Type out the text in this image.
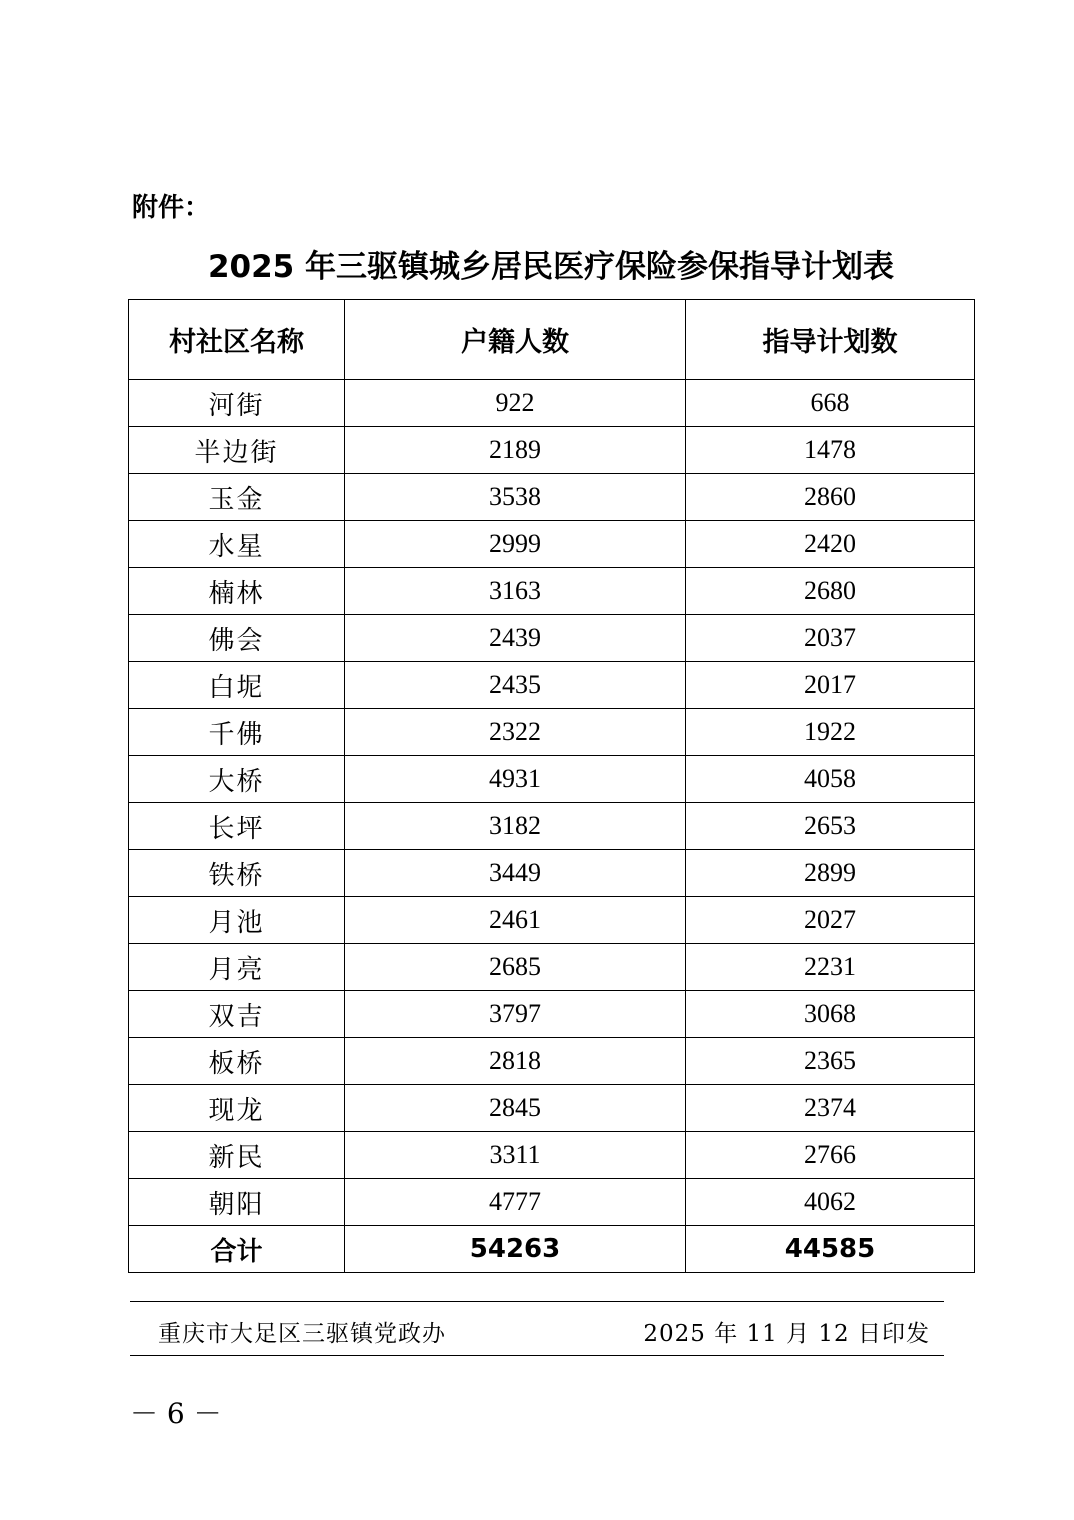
附件：
2025 年三驱镇城乡居民医疗保险参保指导计划表
村社区名称	户籍人数	指导计划数
河街	922	668
半边街	2189	1478
玉金	3538	2860
水星	2999	2420
楠林	3163	2680
佛会	2439	2037
白坭	2435	2017
千佛	2322	1922
大桥	4931	4058
长坪	3182	2653
铁桥	3449	2899
月池	2461	2027
月亮	2685	2231
双吉	3797	3068
板桥	2818	2365
现龙	2845	2374
新民	3311	2766
朝阳	4777	4062
合计	54263	44585
重庆市大足区三驱镇党政办	2025 年 11 月 12 日印发
－ 6 －
